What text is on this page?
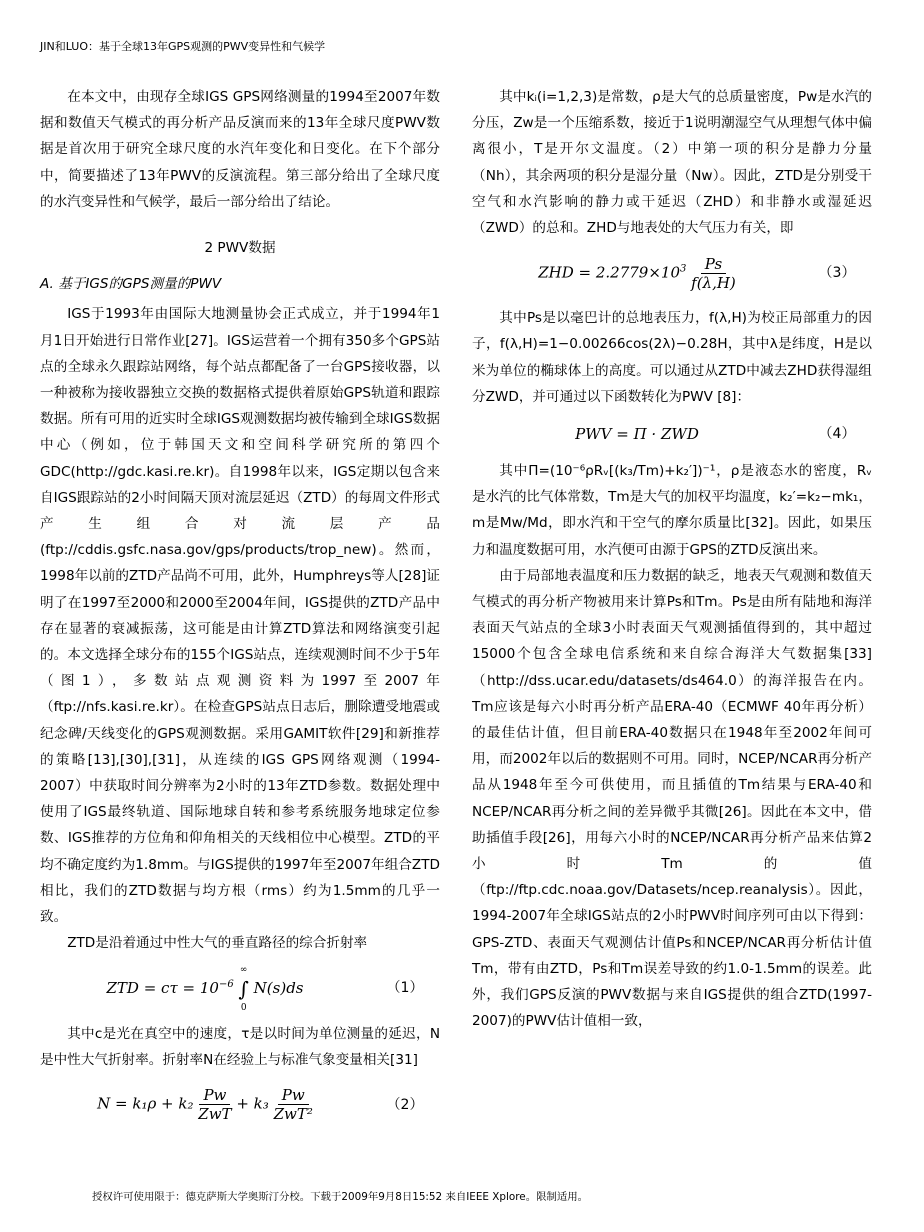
JIN和LUO：基于全球13年GPS观测的PWV变异性和气候学

在本文中，由现存全球IGS GPS网络测量的1994至2007年数据和数值天气模式的再分析产品反演而来的13年全球尺度PWV数据是首次用于研究全球尺度的水汽年变化和日变化。在下个部分中，简要描述了13年PWV的反演流程。第三部分给出了全球尺度的水汽变异性和气候学，最后一部分给出了结论。

2 PWV数据
A. 基于IGS的GPS测量的PWV

IGS于1993年由国际大地测量协会正式成立，并于1994年1月1日开始进行日常作业[27]。IGS运营着一个拥有350多个GPS站点的全球永久跟踪站网络，每个站点都配备了一台GPS接收器，以一种被称为接收器独立交换的数据格式提供着原始GPS轨道和跟踪数据。所有可用的近实时全球IGS观测数据均被传输到全球IGS数据中心（例如，位于韩国天文和空间科学研究所的第四个 GDC(http://gdc.kasi.re.kr)。自1998年以来，IGS定期以包含来自IGS跟踪站的2小时间隔天顶对流层延迟（ZTD）的每周文件形式产生组合对流层产品(ftp://cddis.gsfc.nasa.gov/gps/products/trop_new)。然而，1998年以前的ZTD产品尚不可用，此外，Humphreys等人[28]证明了在1997至2000和2000至2004年间，IGS提供的ZTD产品中存在显著的衰减振荡，这可能是由计算ZTD算法和网络演变引起的。本文选择全球分布的155个IGS站点，连续观测时间不少于5年（图1），多数站点观测资料为1997至2007年（ftp://nfs.kasi.re.kr）。在检查GPS站点日志后，删除遭受地震或纪念碑/天线变化的GPS观测数据。采用GAMIT软件[29]和新推荐的策略[13],[30],[31]，从连续的IGS GPS网络观测（1994-2007）中获取时间分辨率为2小时的13年ZTD参数。数据处理中使用了IGS最终轨道、国际地球自转和参考系统服务地球定位参数、IGS推荐的方位角和仰角相关的天线相位中心模型。ZTD的平均不确定度约为1.8mm。与IGS提供的1997年至2007年组合ZTD相比，我们的ZTD数据与均方根（rms）约为1.5mm的几乎一致。

ZTD是沿着通过中性大气的垂直路径的综合折射率

ZTD = $c\tau = 10^{-6}$
∞
∫
0
N(s)ds	（1）

其中c是光在真空中的速度，τ是以时间为单位测量的延迟，N是中性大气折射率。折射率N在经验上与标准气象变量相关[31]

$N = k_1\rho + k_2 \frac{Pw}{\text{ZwT}} + k_3 \frac{Pw}{\text{ZwT²}}$	（2）

其中kᵢ(i=1,2,3)是常数，ρ是大气的总质量密度，Pw是水汽的分压，Zw是一个压缩系数，接近于1说明潮湿空气从理想气体中偏离很小，T是开尔文温度。（2）中第一项的积分是静力分量（Nh），其余两项的积分是湿分量（Nw）。因此，ZTD是分别受干空气和水汽影响的静力或干延迟（ZHD）和非静水或湿延迟（ZWD）的总和。ZHD与地表处的大气压力有关，即

ZHD = $2.2779\times 10^3 \frac{Ps}{f(\lambda,H)}$	（3）

其中Ps是以毫巴计的总地表压力，f(λ,H)为校正局部重力的因子，f(λ,H)=1−0.00266cos(2λ)−0.28H，其中λ是纬度，H是以米为单位的椭球体上的高度。可以通过从ZTD中减去ZHD获得湿组分ZWD，并可通过以下函数转化为PWV [8]：

PWV = Π · ZWD	（4）

其中Π=(10⁻⁶ρRᵥ[(k₃/Tm)+k₂′])⁻¹，ρ是液态水的密度，Rᵥ是水汽的比气体常数，Tm是大气的加权平均温度，k₂′=k₂−mk₁，m是Mw/Md，即水汽和干空气的摩尔质量比[32]。因此，如果压力和温度数据可用，水汽便可由源于GPS的ZTD反演出来。

由于局部地表温度和压力数据的缺乏，地表天气观测和数值天气模式的再分析产物被用来计算Ps和Tm。Ps是由所有陆地和海洋表面天气站点的全球3小时表面天气观测插值得到的，其中超过15000个包含全球电信系统和来自综合海洋大气数据集[33]（http://dss.ucar.edu/datasets/ds464.0）的海洋报告在内。Tm应该是每六小时再分析产品ERA-40（ECMWF 40年再分析）的最佳估计值，但目前ERA-40数据只在1948年至2002年间可用，而2002年以后的数据则不可用。同时，NCEP/NCAR再分析产品从1948年至今可供使用，而且插值的Tm结果与ERA-40和NCEP/NCAR再分析之间的差异微乎其微[26]。因此在本文中，借助插值手段[26]，用每六小时的NCEP/NCAR再分析产品来估算2小时Tm的值（ftp://ftp.cdc.noaa.gov/Datasets/ncep.reanalysis）。因此，1994-2007年全球IGS站点的2小时PWV时间序列可由以下得到：GPS-ZTD、表面天气观测估计值Ps和NCEP/NCAR再分析估计值Tm，带有由ZTD，Ps和Tm误差导致的约1.0-1.5mm的误差。此外，我们GPS反演的PWV数据与来自IGS提供的组合ZTD(1997-2007)的PWV估计值相一致，

授权许可使用限于：德克萨斯大学奥斯汀分校。下载于2009年9月8日15:52 来自IEEE Xplore。限制适用。
